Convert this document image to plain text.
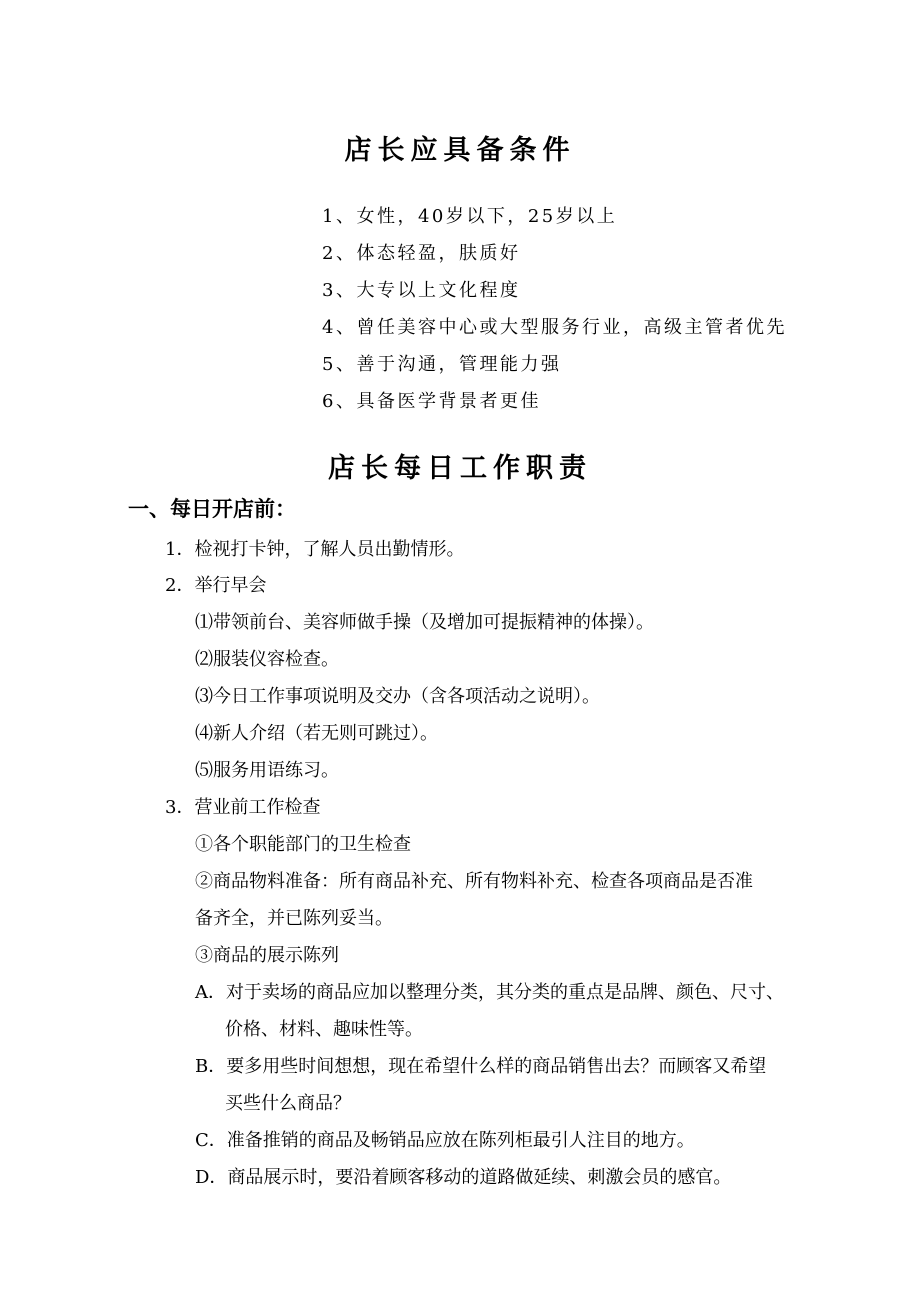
店长应具备条件
1、女性，40岁以下，25岁以上
2、体态轻盈，肤质好
3、大专以上文化程度
4、曾任美容中心或大型服务行业，高级主管者优先
5、善于沟通，管理能力强
6、具备医学背景者更佳
店长每日工作职责
一、每日开店前：
1．检视打卡钟，了解人员出勤情形。
2．举行早会
⑴带领前台、美容师做手操（及增加可提振精神的体操）。
⑵服装仪容检查。
⑶今日工作事项说明及交办（含各项活动之说明）。
⑷新人介绍（若无则可跳过）。
⑸服务用语练习。
3．营业前工作检查
①各个职能部门的卫生检查
②商品物料准备：所有商品补充、所有物料补充、检查各项商品是否准
备齐全，并已陈列妥当。
③商品的展示陈列
A．对于卖场的商品应加以整理分类，其分类的重点是品牌、颜色、尺寸、
价格、材料、趣味性等。
B．要多用些时间想想，现在希望什么样的商品销售出去？而顾客又希望
买些什么商品？
C．准备推销的商品及畅销品应放在陈列柜最引人注目的地方。
D．商品展示时，要沿着顾客移动的道路做延续、刺激会员的感官。
